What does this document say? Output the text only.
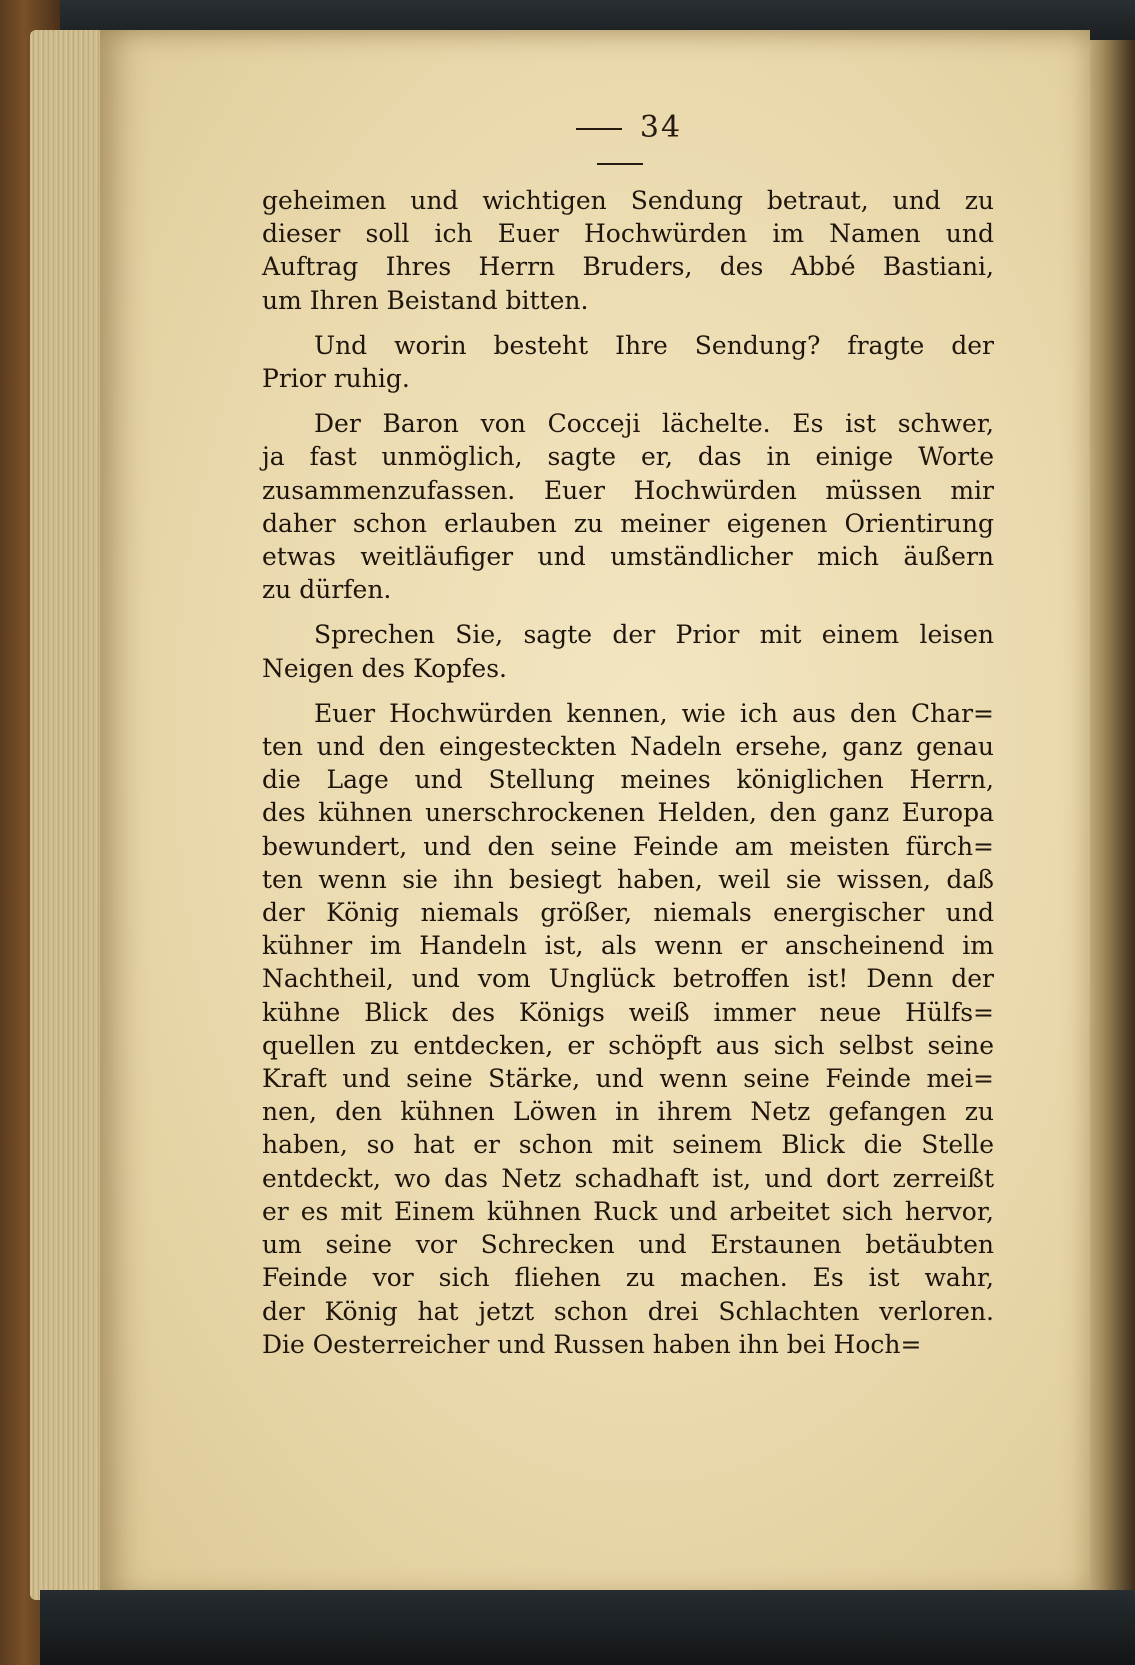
34

geheimen und wichtigen Sendung betraut, und zu
dieser soll ich Euer Hochwürden im Namen und
Auftrag Ihres Herrn Bruders, des Abbé Bastiani,
um Ihren Beistand bitten.

Und worin besteht Ihre Sendung? fragte der
Prior ruhig.

Der Baron von Cocceji lächelte. Es ist schwer,
ja fast unmöglich, sagte er, das in einige Worte
zusammenzufassen. Euer Hochwürden müssen mir
daher schon erlauben zu meiner eigenen Orientirung
etwas weitläufiger und umständlicher mich äußern
zu dürfen.

Sprechen Sie, sagte der Prior mit einem leisen
Neigen des Kopfes.

Euer Hochwürden kennen, wie ich aus den Char=
ten und den eingesteckten Nadeln ersehe, ganz genau
die Lage und Stellung meines königlichen Herrn,
des kühnen unerschrockenen Helden, den ganz Europa
bewundert, und den seine Feinde am meisten fürch=
ten wenn sie ihn besiegt haben, weil sie wissen, daß
der König niemals größer, niemals energischer und
kühner im Handeln ist, als wenn er anscheinend im
Nachtheil, und vom Unglück betroffen ist! Denn der
kühne Blick des Königs weiß immer neue Hülfs=
quellen zu entdecken, er schöpft aus sich selbst seine
Kraft und seine Stärke, und wenn seine Feinde mei=
nen, den kühnen Löwen in ihrem Netz gefangen zu
haben, so hat er schon mit seinem Blick die Stelle
entdeckt, wo das Netz schadhaft ist, und dort zerreißt
er es mit Einem kühnen Ruck und arbeitet sich hervor,
um seine vor Schrecken und Erstaunen betäubten
Feinde vor sich fliehen zu machen. Es ist wahr,
der König hat jetzt schon drei Schlachten verloren.
Die Oesterreicher und Russen haben ihn bei Hoch=
